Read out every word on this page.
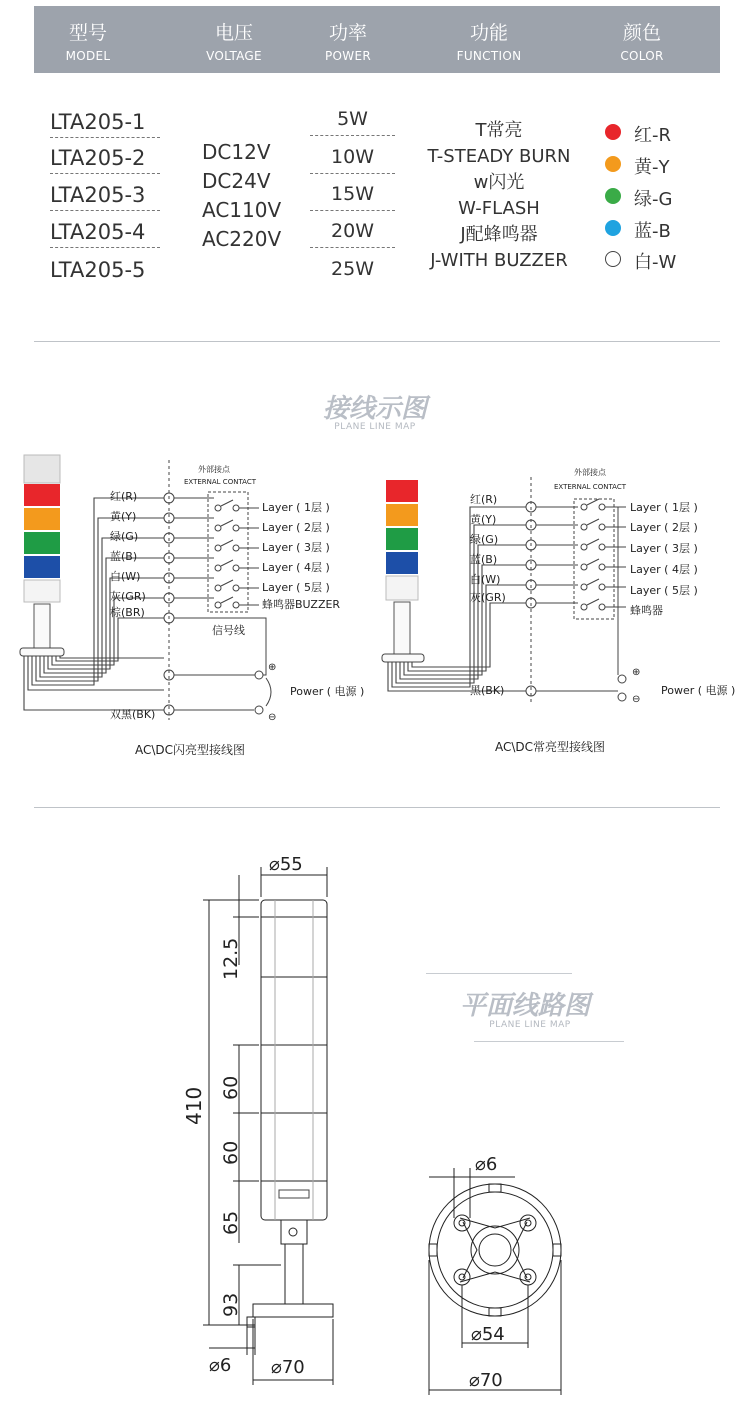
型号
MODEL
电压
VOLTAGE
功率
POWER
功能
FUNCTION
颜色
COLOR
LTA205-1
LTA205-2
LTA205-3
LTA205-4
LTA205-5
DC12V
DC24V
AC110V
AC220V
5W
10W
15W
20W
25W
T常亮
T-STEADY BURN
w闪光
W-FLASH
J配蜂鸣器
J-WITH BUZZER
红-R
黄-Y
绿-G
蓝-B
白-W
接线示图
PLANE LINE MAP
⊕
⊖
红(R)
黄(Y)
绿(G)
蓝(B)
白(W)
灰(GR)
棕(BR)
外部接点
EXTERNAL CONTACT
Layer ( 1层 )
Layer ( 2层 )
Layer ( 3层 )
Layer ( 4层 )
Layer ( 5层 )
蜂鸣器BUZZER
信号线
Power ( 电源 )
双黑(BK)
AC\DC闪亮型接线图
⊕
⊖
红(R)
黄(Y)
绿(G)
蓝(B)
白(W)
灰(GR)
外部接点
EXTERNAL CONTACT
Layer ( 1层 )
Layer ( 2层 )
Layer ( 3层 )
Layer ( 4层 )
Layer ( 5层 )
蜂鸣器
Power ( 电源 )
黑(BK)
AC\DC常亮型接线图
⌀55
410
12.5
60
60
65
93
⌀6 ⌀70
平面线路图
PLANE LINE MAP
⌀6
⌀54
⌀70
